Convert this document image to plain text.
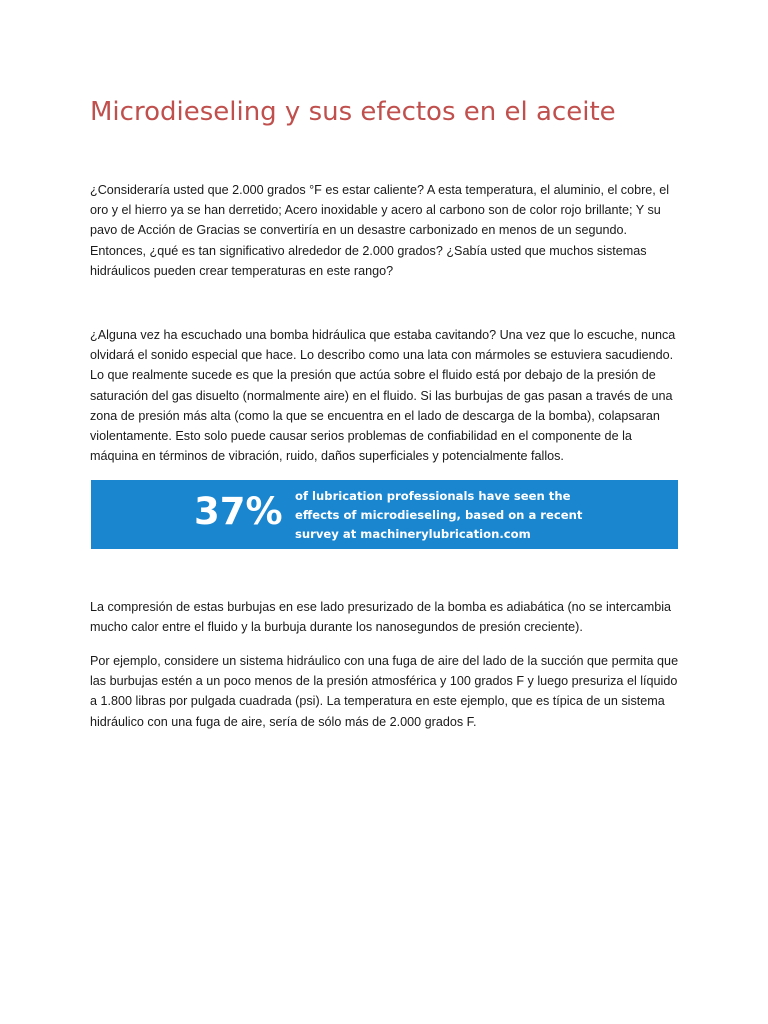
Microdieseling y sus efectos en el aceite

¿Consideraría usted que 2.000 grados °F es estar caliente? A esta temperatura, el aluminio, el cobre, el oro y el hierro ya se han derretido; Acero inoxidable y acero al carbono son de color rojo brillante; Y su pavo de Acción de Gracias se convertiría en un desastre carbonizado en menos de un segundo. Entonces, ¿qué es tan significativo alrededor de 2.000 grados? ¿Sabía usted que muchos sistemas hidráulicos pueden crear temperaturas en este rango?

¿Alguna vez ha escuchado una bomba hidráulica que estaba cavitando? Una vez que lo escuche, nunca olvidará el sonido especial que hace. Lo describo como una lata con mármoles se estuviera sacudiendo. Lo que realmente sucede es que la presión que actúa sobre el fluido está por debajo de la presión de saturación del gas disuelto (normalmente aire) en el fluido. Si las burbujas de gas pasan a través de una zona de presión más alta (como la que se encuentra en el lado de descarga de la bomba), colapsaran violentamente. Esto solo puede causar serios problemas de confiabilidad en el componente de la máquina en términos de vibración, ruido, daños superficiales y potencialmente fallos.

37% of lubrication professionals have seen the
effects of microdieseling, based on a recent
survey at machinerylubrication.com

La compresión de estas burbujas en ese lado presurizado de la bomba es adiabática (no se intercambia mucho calor entre el fluido y la burbuja durante los nanosegundos de presión creciente).

Por ejemplo, considere un sistema hidráulico con una fuga de aire del lado de la succión que permita que las burbujas estén a un poco menos de la presión atmosférica y 100 grados F y luego presuriza el líquido a 1.800 libras por pulgada cuadrada (psi). La temperatura en este ejemplo, que es típica de un sistema hidráulico con una fuga de aire, sería de sólo más de 2.000 grados F.
